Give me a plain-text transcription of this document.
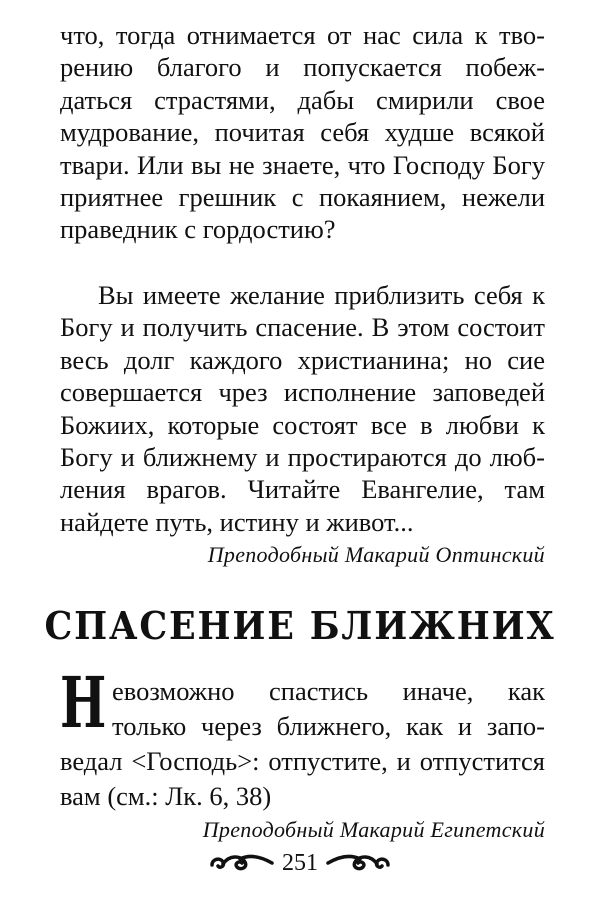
что, тогда отнимается от нас сила к тво-
рению благого и попускается побеж-
даться страстями, дабы смирили свое
мудрование, почитая себя худше всякой
твари. Или вы не знаете, что Господу Богу
приятнее грешник с покаянием, нежели
праведник с гордостию?
Вы имеете желание приблизить себя к
Богу и получить спасение. В этом состоит
весь долг каждого христианина; но сие
совершается чрез исполнение заповедей
Божиих, которые состоят все в любви к
Богу и ближнему и простираются до люб-
ления врагов. Читайте Евангелие, там
найдете путь, истину и живот...
Преподобный Макарий Оптинский
СПАСЕНИЕ БЛИЖНИХ
Н евозможно спастись иначе, как
только через ближнего, как и запо-
ведал <Господь>: отпустите, и отпустится
вам (см.: Лк. 6, 38)
Преподобный Макарий Египетский
251
